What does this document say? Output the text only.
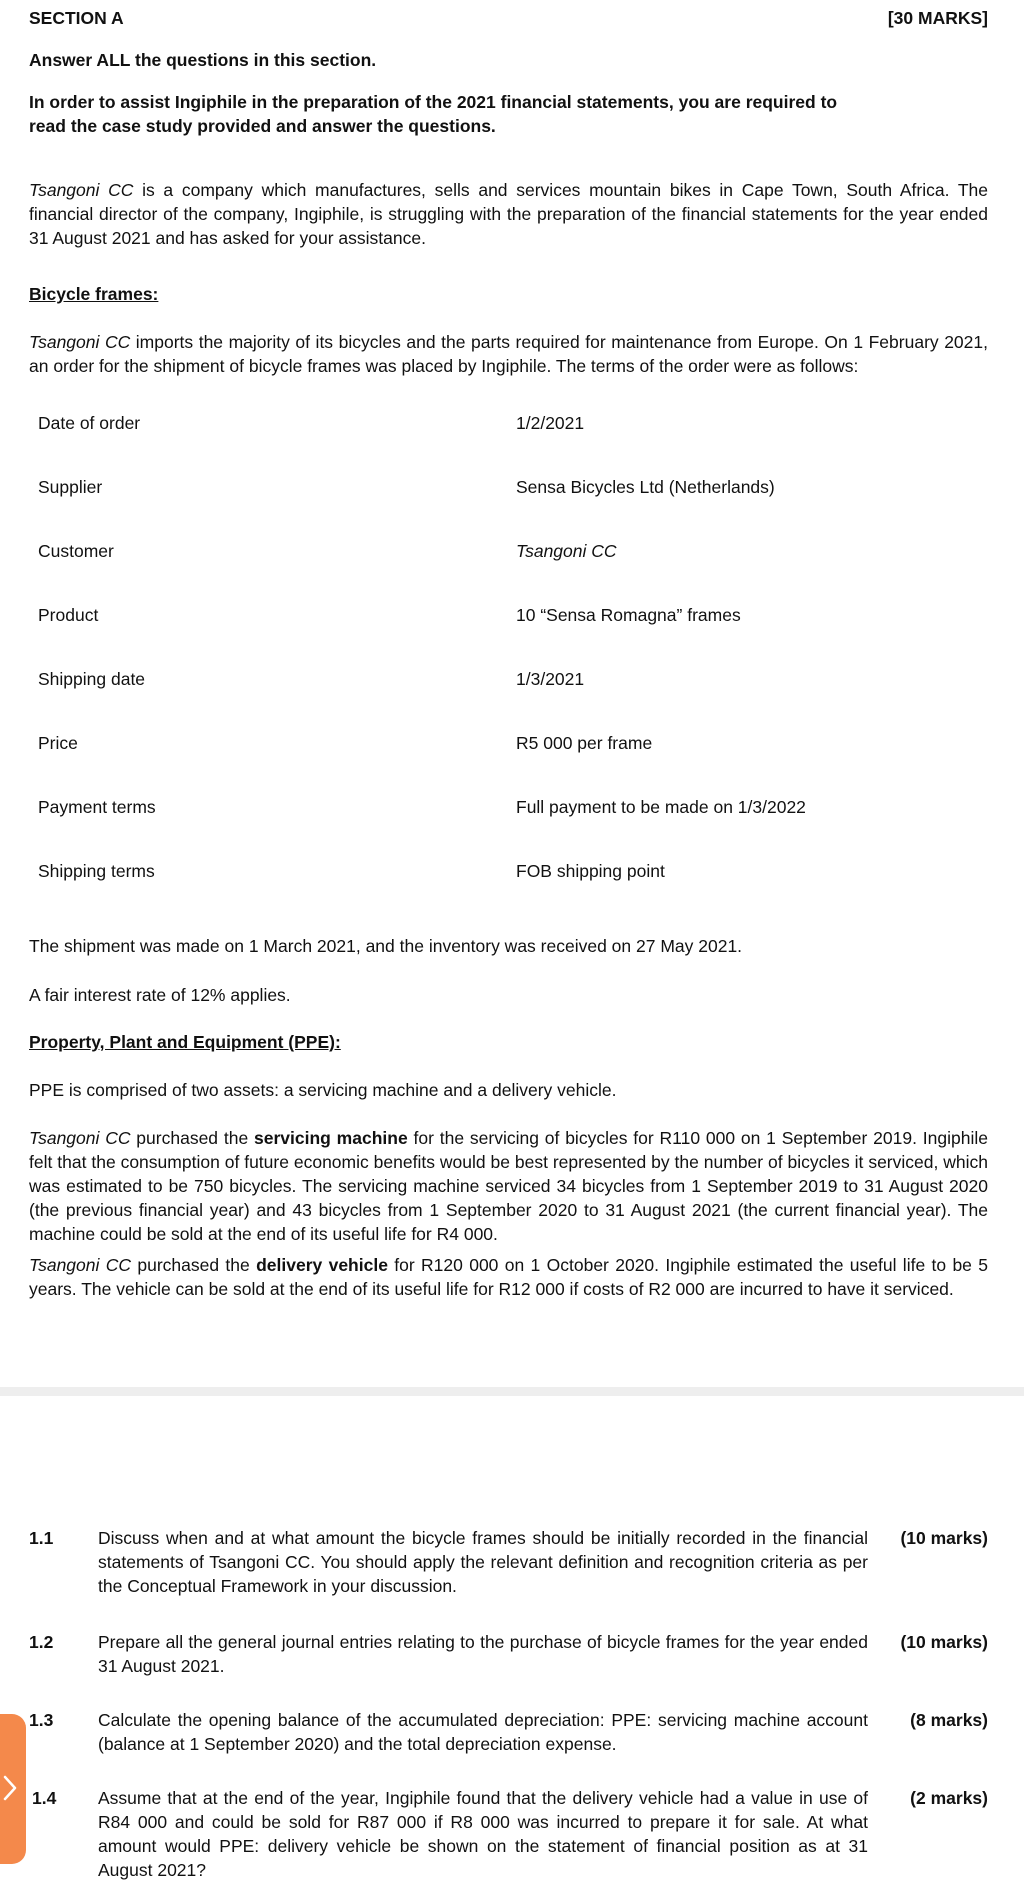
SECTION A	[30 MARKS]
Answer ALL the questions in this section.
In order to assist Ingiphile in the preparation of the 2021 financial statements, you are required to read the case study provided and answer the questions.
Tsangoni CC is a company which manufactures, sells and services mountain bikes in Cape Town, South Africa. The financial director of the company, Ingiphile, is struggling with the preparation of the financial statements for the year ended 31 August 2021 and has asked for your assistance.
Bicycle frames:
Tsangoni CC imports the majority of its bicycles and the parts required for maintenance from Europe. On 1 February 2021, an order for the shipment of bicycle frames was placed by Ingiphile. The terms of the order were as follows:
Date of order	1/2/2021
Supplier	Sensa Bicycles Ltd (Netherlands)
Customer	Tsangoni CC
Product	10 “Sensa Romagna” frames
Shipping date	1/3/2021
Price	R5 000 per frame
Payment terms	Full payment to be made on 1/3/2022
Shipping terms	FOB shipping point
The shipment was made on 1 March 2021, and the inventory was received on 27 May 2021.
A fair interest rate of 12% applies.
Property, Plant and Equipment (PPE):
PPE is comprised of two assets: a servicing machine and a delivery vehicle.
Tsangoni CC purchased the servicing machine for the servicing of bicycles for R110 000 on 1 September 2019. Ingiphile felt that the consumption of future economic benefits would be best represented by the number of bicycles it serviced, which was estimated to be 750 bicycles. The servicing machine serviced 34 bicycles from 1 September 2019 to 31 August 2020 (the previous financial year) and 43 bicycles from 1 September 2020 to 31 August 2021 (the current financial year). The machine could be sold at the end of its useful life for R4 000.
Tsangoni CC purchased the delivery vehicle for R120 000 on 1 October 2020. Ingiphile estimated the useful life to be 5 years. The vehicle can be sold at the end of its useful life for R12 000 if costs of R2 000 are incurred to have it serviced.
1.1	Discuss when and at what amount the bicycle frames should be initially recorded in the financial statements of Tsangoni CC. You should apply the relevant definition and recognition criteria as per the Conceptual Framework in your discussion.
(10 marks)
1.2	Prepare all the general journal entries relating to the purchase of bicycle frames for the year ended 31 August 2021.
(10 marks)
1.3	Calculate the opening balance of the accumulated depreciation: PPE: servicing machine account (balance at 1 September 2020) and the total depreciation expense.
(8 marks)
1.4 Assume that at the end of the year, Ingiphile found that the delivery vehicle had a value in use of R84 000 and could be sold for R87 000 if R8 000 was incurred to prepare it for sale. At what amount would PPE: delivery vehicle be shown on the statement of financial position as at 31 August 2021?
(2 marks)
